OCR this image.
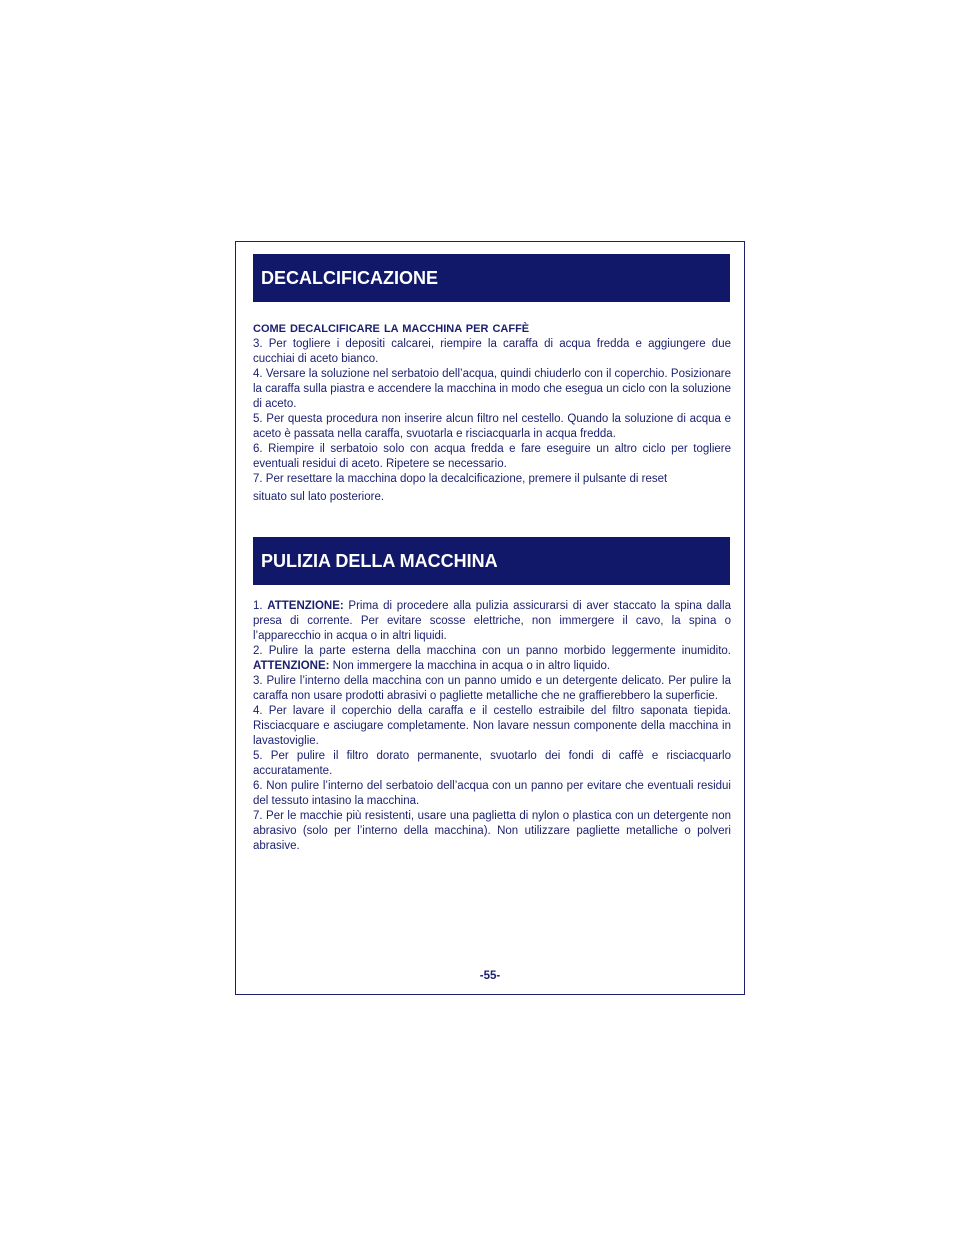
DECALCIFICAZIONE
COME DECALCIFICARE LA MACCHINA PER CAFFÈ

3. Per togliere i depositi calcarei, riempire la caraffa di acqua fredda e aggiungere due cucchiai di aceto bianco.

4. Versare la soluzione nel serbatoio dell’acqua, quindi chiuderlo con il coperchio. Posizionare la caraffa sulla piastra e accendere la macchina in modo che esegua un ciclo con la soluzione di aceto.

5. Per questa procedura non inserire alcun filtro nel cestello. Quando la soluzione di acqua e aceto è passata nella caraffa, svuotarla e risciacquarla in acqua fredda.

6. Riempire il serbatoio solo con acqua fredda e fare eseguire un altro ciclo per togliere eventuali residui di aceto. Ripetere se necessario.

7. Per resettare la macchina dopo la decalcificazione, premere il pulsante di reset

situato sul lato posteriore.

PULIZIA DELLA MACCHINA

1. ATTENZIONE: Prima di procedere alla pulizia assicurarsi di aver staccato la spina dalla presa di corrente. Per evitare scosse elettriche, non immergere il cavo, la spina o l’apparecchio in acqua o in altri liquidi.

2. Pulire la parte esterna della macchina con un panno morbido leggermente inumidito. ATTENZIONE: Non immergere la macchina in acqua o in altro liquido.

3. Pulire l’interno della macchina con un panno umido e un detergente delicato. Per pulire la caraffa non usare prodotti abrasivi o pagliette metalliche che ne graffierebbero la superficie.

4. Per lavare il coperchio della caraffa e il cestello estraibile del filtro saponata tiepida. Risciacquare e asciugare completamente. Non lavare nessun componente della macchina in lavastoviglie.

5. Per pulire il filtro dorato permanente, svuotarlo dei fondi di caffè e risciacquarlo accuratamente.

6. Non pulire l’interno del serbatoio dell’acqua con un panno per evitare che eventuali residui del tessuto intasino la macchina.

7. Per le macchie più resistenti, usare una paglietta di nylon o plastica con un detergente non abrasivo (solo per l’interno della macchina). Non utilizzare pagliette metalliche o polveri abrasive.

-55-
